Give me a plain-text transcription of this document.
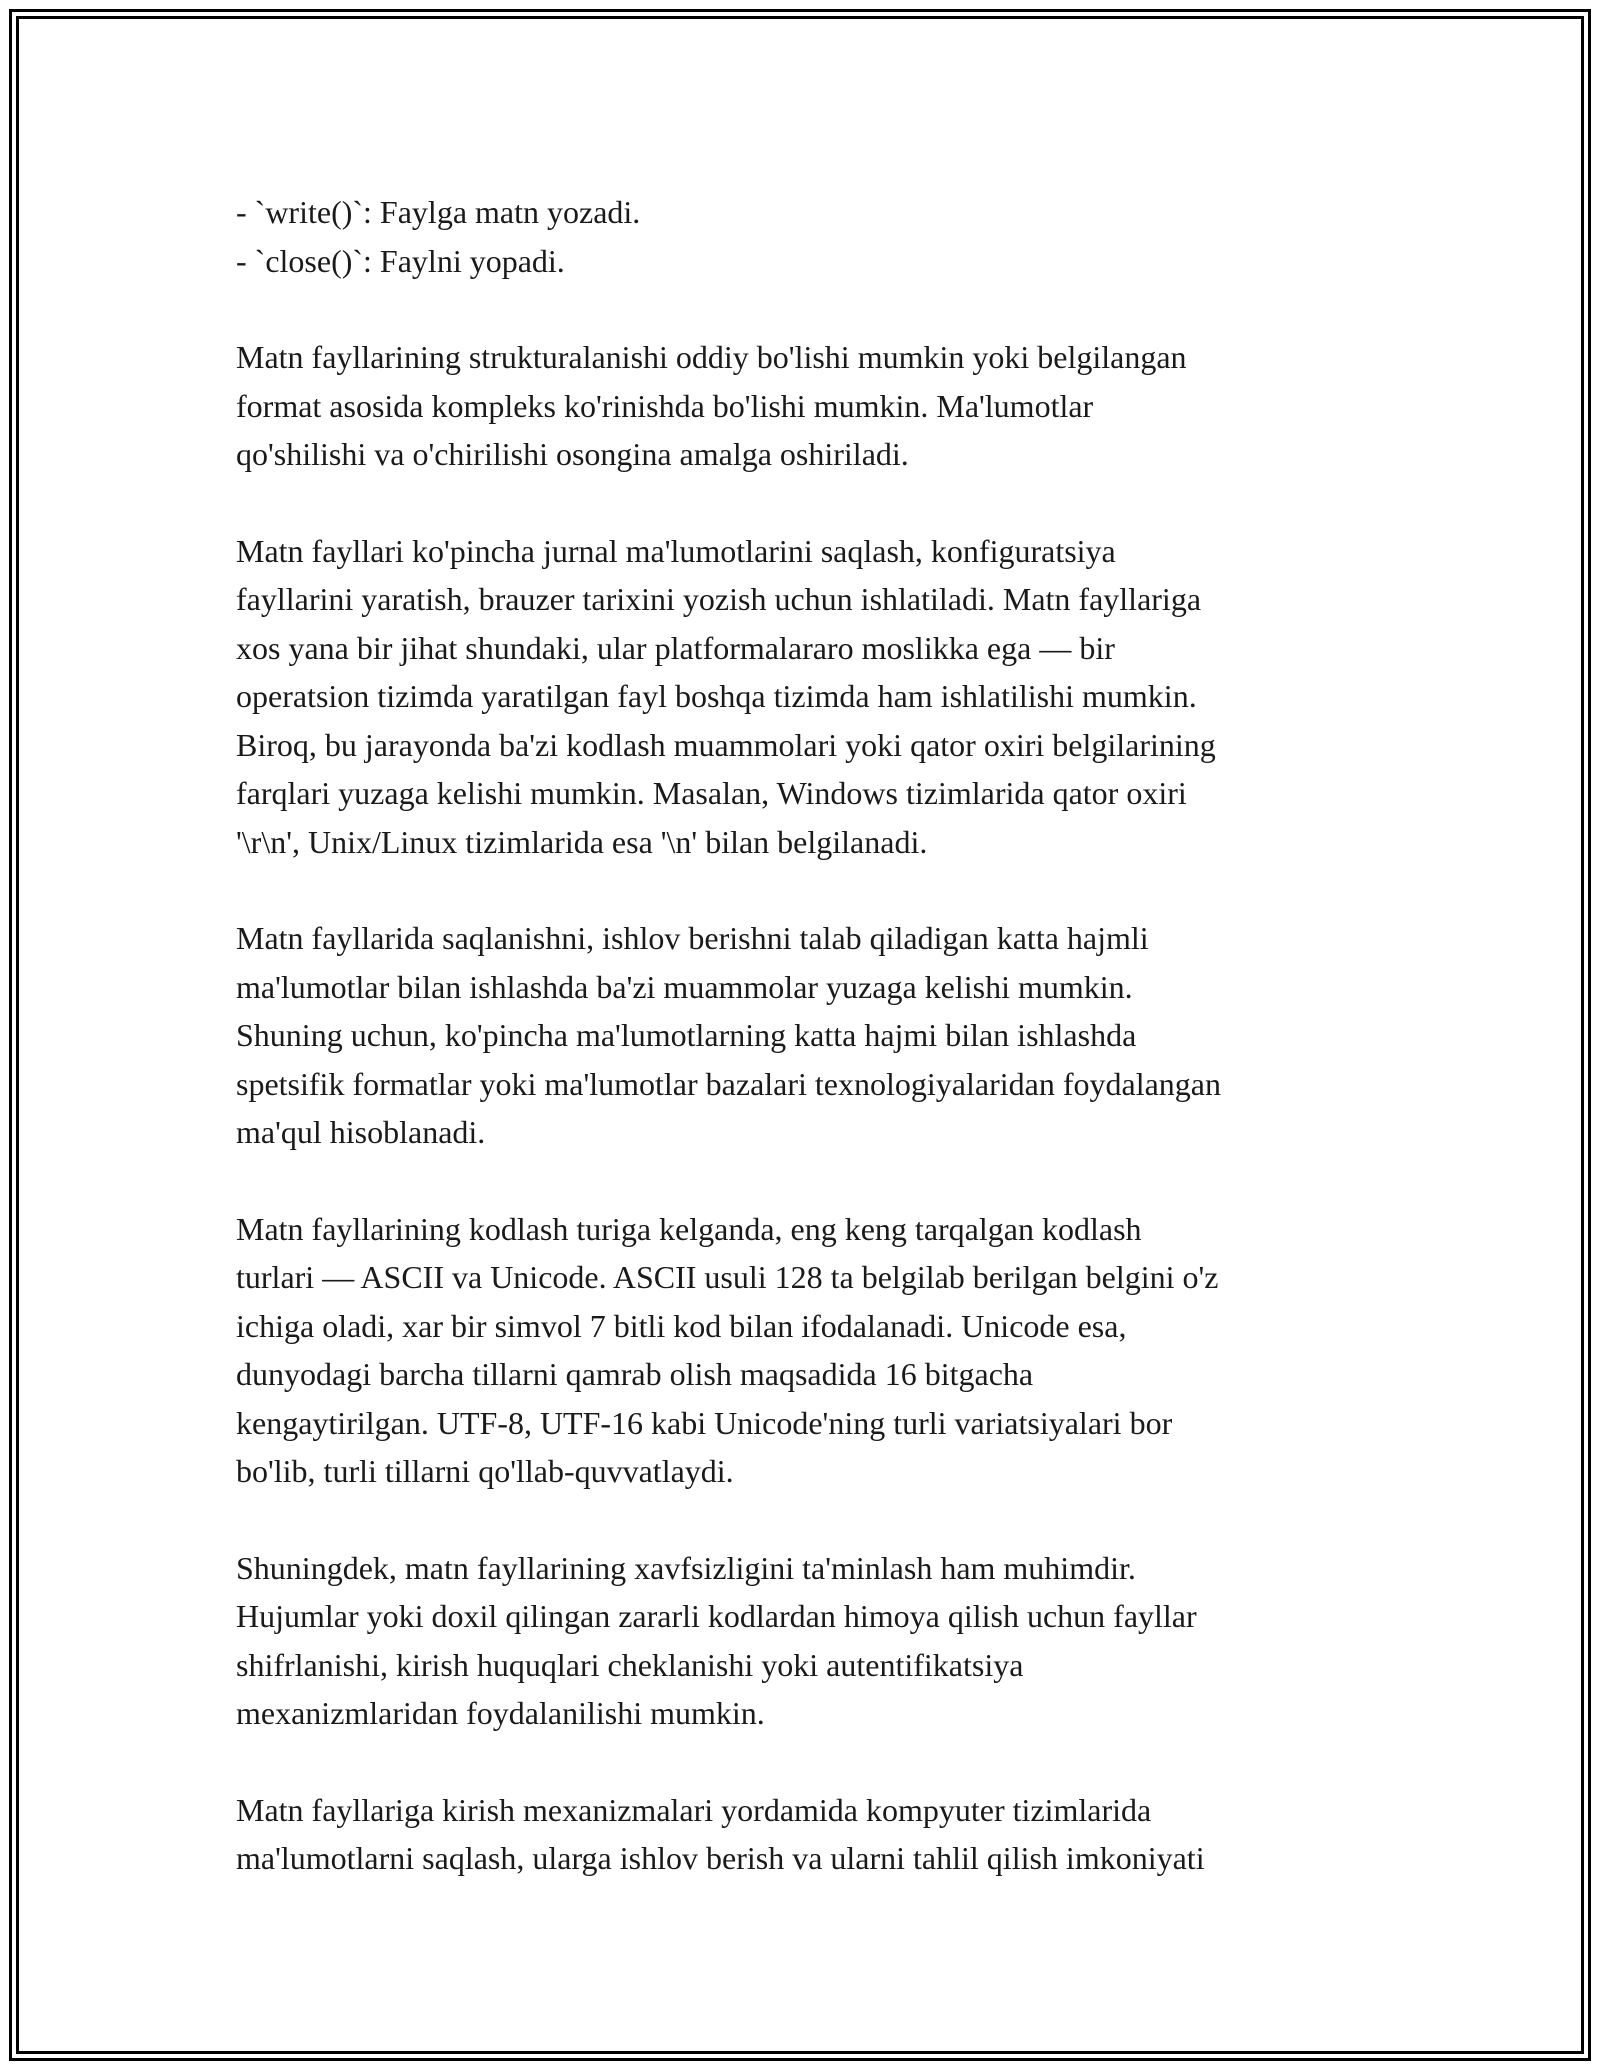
- `write()`: Faylga matn yozadi.

- `close()`: Faylni yopadi.

Matn fayllarining strukturalanishi oddiy bo'lishi mumkin yoki belgilangan

format asosida kompleks ko'rinishda bo'lishi mumkin. Ma'lumotlar

qo'shilishi va o'chirilishi osongina amalga oshiriladi.

Matn fayllari ko'pincha jurnal ma'lumotlarini saqlash, konfiguratsiya

fayllarini yaratish, brauzer tarixini yozish uchun ishlatiladi. Matn fayllariga

xos yana bir jihat shundaki, ular platformalararo moslikka ega — bir

operatsion tizimda yaratilgan fayl boshqa tizimda ham ishlatilishi mumkin.

Biroq, bu jarayonda ba'zi kodlash muammolari yoki qator oxiri belgilarining

farqlari yuzaga kelishi mumkin. Masalan, Windows tizimlarida qator oxiri

'\r\n', Unix/Linux tizimlarida esa '\n' bilan belgilanadi.

Matn fayllarida saqlanishni, ishlov berishni talab qiladigan katta hajmli

ma'lumotlar bilan ishlashda ba'zi muammolar yuzaga kelishi mumkin.

Shuning uchun, ko'pincha ma'lumotlarning katta hajmi bilan ishlashda

spetsifik formatlar yoki ma'lumotlar bazalari texnologiyalaridan foydalangan

ma'qul hisoblanadi.

Matn fayllarining kodlash turiga kelganda, eng keng tarqalgan kodlash

turlari — ASCII va Unicode. ASCII usuli 128 ta belgilab berilgan belgini o'z

ichiga oladi, xar bir simvol 7 bitli kod bilan ifodalanadi. Unicode esa,

dunyodagi barcha tillarni qamrab olish maqsadida 16 bitgacha

kengaytirilgan. UTF-8, UTF-16 kabi Unicode'ning turli variatsiyalari bor

bo'lib, turli tillarni qo'llab-quvvatlaydi.

Shuningdek, matn fayllarining xavfsizligini ta'minlash ham muhimdir.

Hujumlar yoki doxil qilingan zararli kodlardan himoya qilish uchun fayllar

shifrlanishi, kirish huquqlari cheklanishi yoki autentifikatsiya

mexanizmlaridan foydalanilishi mumkin.

Matn fayllariga kirish mexanizmalari yordamida kompyuter tizimlarida

ma'lumotlarni saqlash, ularga ishlov berish va ularni tahlil qilish imkoniyati
